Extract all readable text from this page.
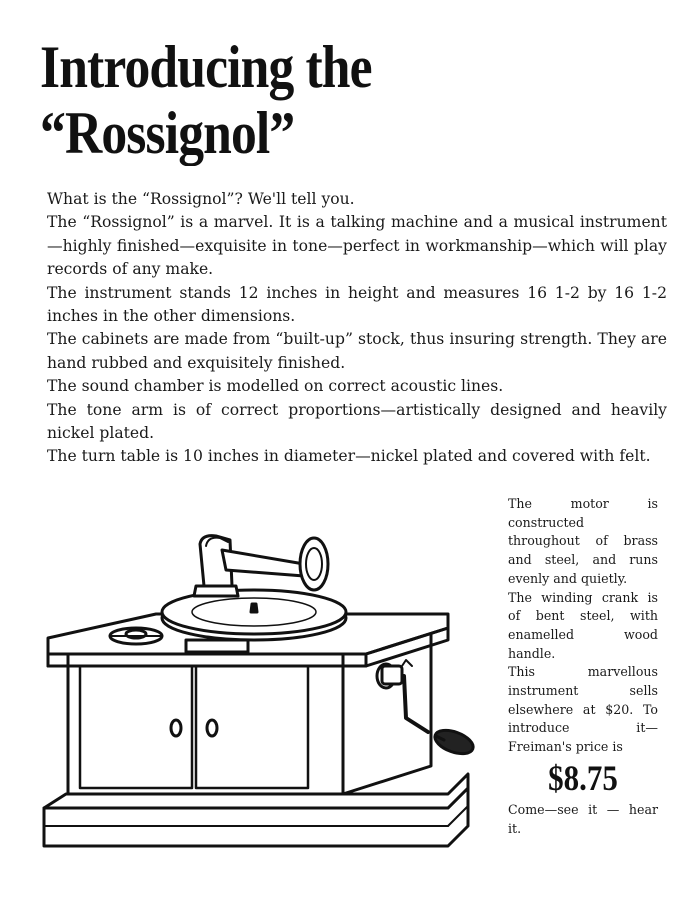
Introducing the
“Rossignol”

What is the “Rossignol”? We'll tell you.

The “Rossignol” is a marvel. It is a talking machine and a musical instrument—highly finished—exquisite in tone—perfect in workmanship—which will play records of any make.

The instrument stands 12 inches in height and measures 16 1-2 by 16 1-2 inches in the other dimensions.

The cabinets are made from “built-up” stock, thus insuring strength. They are hand rubbed and exquisitely finished.

The sound chamber is modelled on correct acoustic lines.

The tone arm is of correct proportions—artistically designed and heavily nickel plated.

The turn table is 10 inches in diameter—nickel plated and covered with felt.

The motor is constructed throughout of brass and steel, and runs evenly and quietly.

The winding crank is of bent steel, with enamelled wood handle.

This marvellous instrument sells elsewhere at $20. To introduce it—Freiman's price is

$8.75

Come—see it — hear it.
